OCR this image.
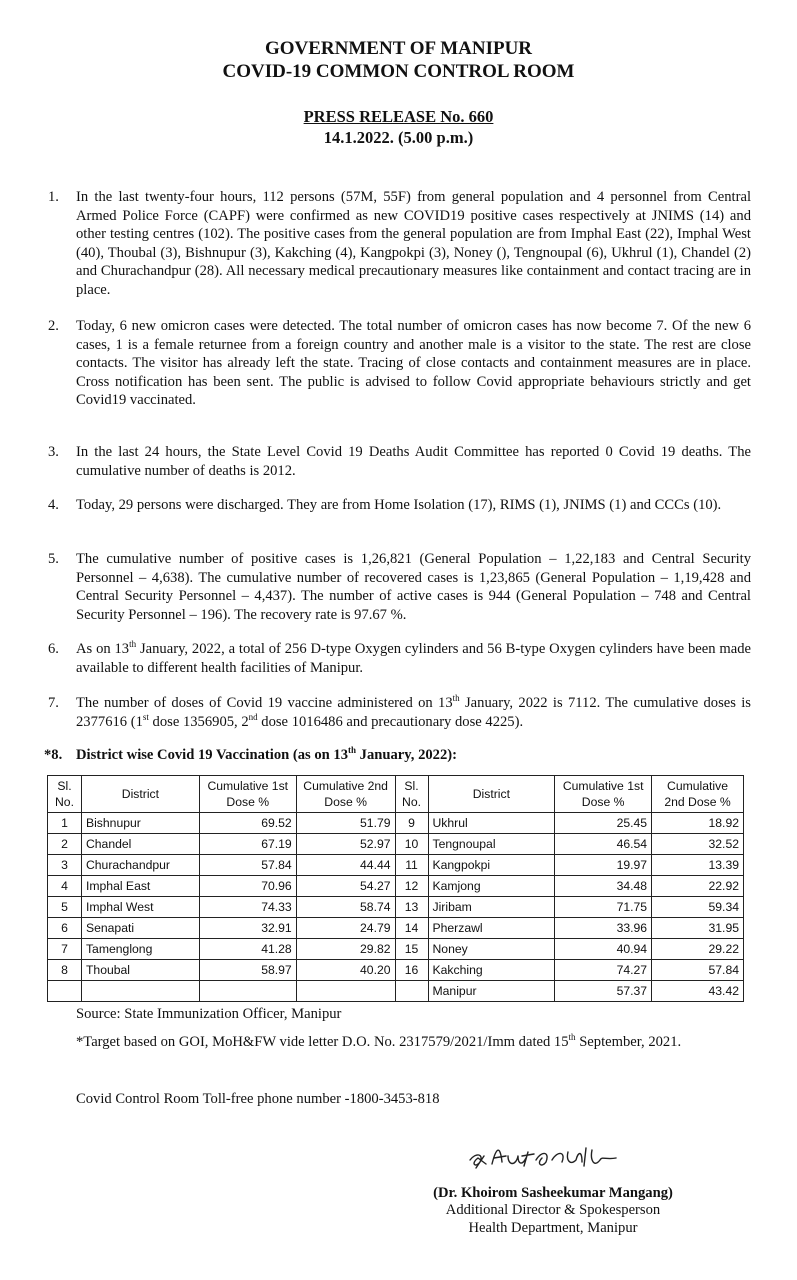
GOVERNMENT OF MANIPUR
COVID-19 COMMON CONTROL ROOM
PRESS RELEASE No. 660
14.1.2022. (5.00 p.m.)
1.	In the last twenty-four hours, 112 persons (57M, 55F) from general population and 4 personnel from Central Armed Police Force (CAPF) were confirmed as new COVID19 positive cases respectively at JNIMS (14) and other testing centres (102). The positive cases from the general population are from Imphal East (22), Imphal West (40), Thoubal (3), Bishnupur (3), Kakching (4), Kangpokpi (3), Noney (), Tengnoupal (6), Ukhrul (1), Chandel (2) and Churachandpur (28). All necessary medical precautionary measures like containment and contact tracing are in place.
2.	Today, 6 new omicron cases were detected. The total number of omicron cases has now become 7. Of the new 6 cases, 1 is a female returnee from a foreign country and another male is a visitor to the state. The rest are close contacts. The visitor has already left the state. Tracing of close contacts and containment measures are in place. Cross notification has been sent. The public is advised to follow Covid appropriate behaviours strictly and get Covid19 vaccinated.
3.	In the last 24 hours, the State Level Covid 19 Deaths Audit Committee has reported 0 Covid 19 deaths. The cumulative number of deaths is 2012.
4.	Today, 29 persons were discharged. They are from Home Isolation (17), RIMS (1), JNIMS (1) and CCCs (10).
5.	The cumulative number of positive cases is 1,26,821 (General Population – 1,22,183 and Central Security Personnel – 4,638). The cumulative number of recovered cases is 1,23,865 (General Population – 1,19,428 and Central Security Personnel – 4,437). The number of active cases is 944 (General Population – 748 and Central Security Personnel – 196). The recovery rate is 97.67 %.
6.	As on 13th January, 2022, a total of 256 D-type Oxygen cylinders and 56 B-type Oxygen cylinders have been made available to different health facilities of Manipur.
7.	The number of doses of Covid 19 vaccine administered on 13th January, 2022 is 7112. The cumulative doses is 2377616 (1st dose 1356905, 2nd dose 1016486 and precautionary dose 4225).
*8. District wise Covid 19 Vaccination (as on 13th January, 2022):
Sl. No.	District	Cumulative 1st Dose %	Cumulative 2nd Dose %	Sl. No.	District	Cumulative 1st Dose %	Cumulative 2nd Dose %
1	Bishnupur	69.52	51.79	9	Ukhrul	25.45	18.92
2	Chandel	67.19	52.97	10	Tengnoupal	46.54	32.52
3	Churachandpur	57.84	44.44	11	Kangpokpi	19.97	13.39
4	Imphal East	70.96	54.27	12	Kamjong	34.48	22.92
5	Imphal West	74.33	58.74	13	Jiribam	71.75	59.34
6	Senapati	32.91	24.79	14	Pherzawl	33.96	31.95
7	Tamenglong	41.28	29.82	15	Noney	40.94	29.22
8	Thoubal	58.97	40.20	16	Kakching	74.27	57.84
					Manipur	57.37	43.42
Source: State Immunization Officer, Manipur
*Target based on GOI, MoH&FW vide letter D.O. No. 2317579/2021/Imm dated 15th September, 2021.
Covid Control Room Toll-free phone number -1800-3453-818
(Dr. Khoirom Sasheekumar Mangang)
Additional Director & Spokesperson
Health Department, Manipur
